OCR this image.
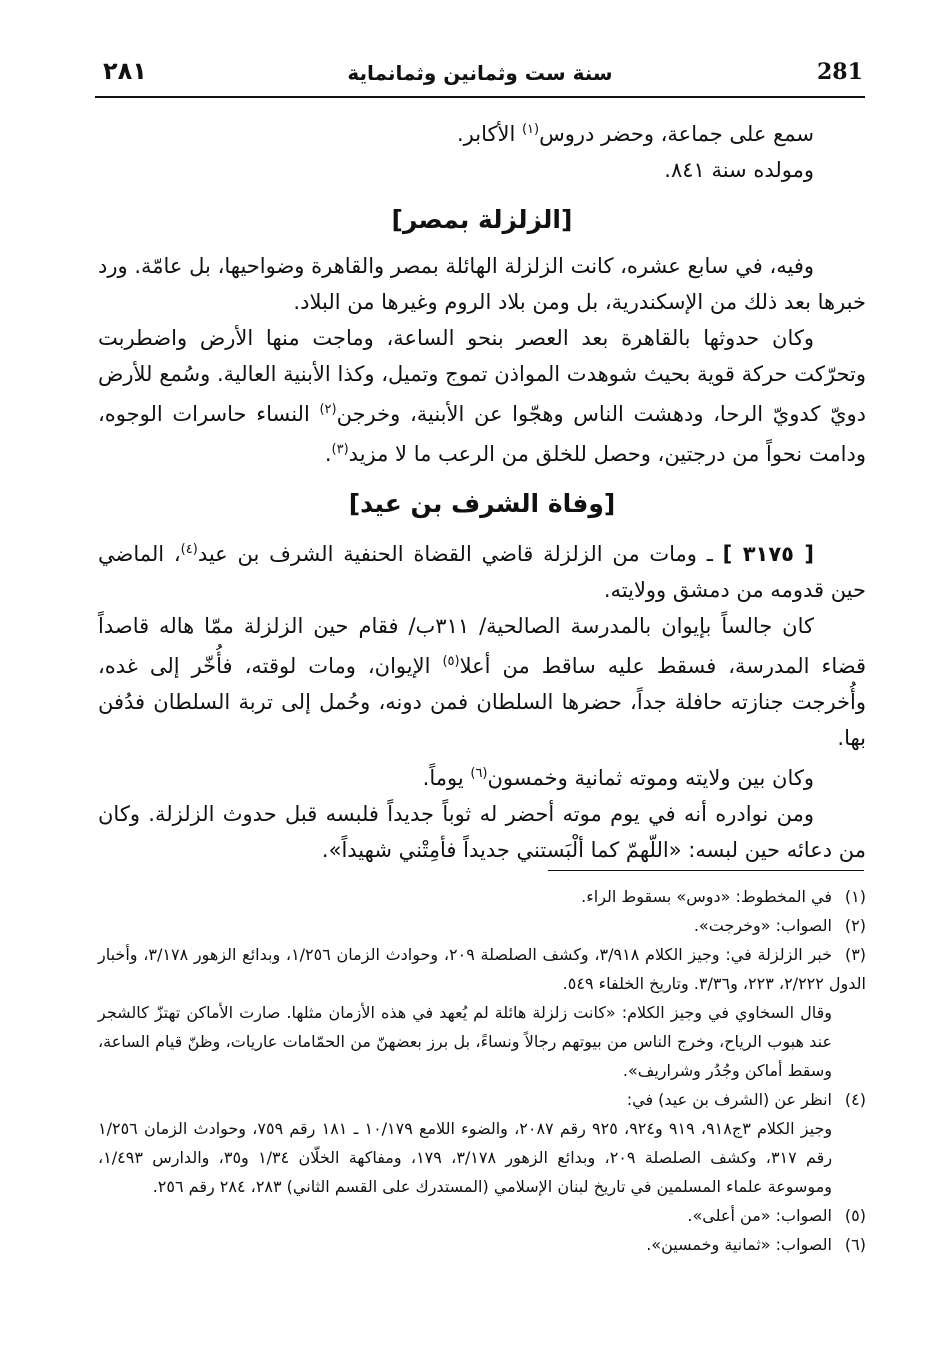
281
سنة ست وثمانين وثمانماية
٢٨١

سمع على جماعة، وحضر دروس$^{(١)}$ الأكابر.

ومولده سنة ٨٤١.

[الزلزلة بمصر]

وفيه، في سابع عشره، كانت الزلزلة الهائلة بمصر والقاهرة وضواحيها، بل عامّة. ورد خبرها بعد ذلك من الإسكندرية، بل ومن بلاد الروم وغيرها من البلاد.

وكان حدوثها بالقاهرة بعد العصر بنحو الساعة، وماجت منها الأرض واضطربت وتحرّكت حركة قوية بحيث شوهدت المواذن تموج وتميل، وكذا الأبنية العالية. وسُمع للأرض دويّ كدويّ الرحا، ودهشت الناس وهجّوا عن الأبنية، وخرجن$^{(٢)}$ النساء حاسرات الوجوه، ودامت نحواً من درجتين، وحصل للخلق من الرعب ما لا مزيد$^{(٣)}$.

[وفاة الشرف بن عيد]

[ ٣١٧٥ ] ـ ومات من الزلزلة قاضي القضاة الحنفية الشرف بن عيد$^{(٤)}$، الماضي حين قدومه من دمشق وولايته.

كان جالساً بإيوان بالمدرسة الصالحية/ ٣١١ب/ فقام حين الزلزلة ممّا هاله قاصداً قضاء المدرسة، فسقط عليه ساقط من أعلا$^{(٥)}$ الإيوان، ومات لوقته، فأُخّر إلى غده، وأُخرجت جنازته حافلة جداً، حضرها السلطان فمن دونه، وحُمل إلى تربة السلطان فدُفن بها.

وكان بين ولايته وموته ثمانية وخمسون$^{(٦)}$ يوماً.

ومن نوادره أنه في يوم موته أحضر له ثوباً جديداً فلبسه قبل حدوث الزلزلة. وكان من دعائه حين لبسه: «اللّهمّ كما ألْبَستني جديداً فأمِتْني شهيداً».

(١)في المخطوط: «دوس» بسقوط الراء.

(٢)الصواب: «وخرجت».

(٣)خبر الزلزلة في: وجيز الكلام ٣/٩١٨، وكشف الصلصلة ٢٠٩، وحوادث الزمان ١/٢٥٦، وبدائع الزهور ٣/١٧٨، وأخبار الدول ٢/٢٢٢، ٢٢٣، و٣/٣٦. وتاريخ الخلفاء ٥٤٩.

وقال السخاوي في وجيز الكلام: «كانت زلزلة هائلة لم يُعهد في هذه الأزمان مثلها. صارت الأماكن تهتزّ كالشجر عند هبوب الرياح، وخرج الناس من بيوتهم رجالاً ونساءً، بل برز بعضهنّ من الحمّامات عاريات، وظنّ قيام الساعة، وسقط أماكن وجُدُر وشراريف».

(٤)انظر عن (الشرف بن عيد) في:

وجيز الكلام ٣ج٩١٨، ٩١٩ و٩٢٤، ٩٢٥ رقم ٢٠٨٧، والضوء اللامع ١٠/١٧٩ ـ ١٨١ رقم ٧٥٩، وحوادث الزمان ١/٢٥٦ رقم ٣١٧، وكشف الصلصلة ٢٠٩، وبدائع الزهور ٣/١٧٨، ١٧٩، ومفاكهة الخلّان ١/٣٤ و٣٥، والدارس ١/٤٩٣، وموسوعة علماء المسلمين في تاريخ لبنان الإسلامي (المستدرك على القسم الثاني) ٢٨٣، ٢٨٤ رقم ٢٥٦.

(٥)الصواب: «من أعلى».

(٦)الصواب: «ثمانية وخمسين».
